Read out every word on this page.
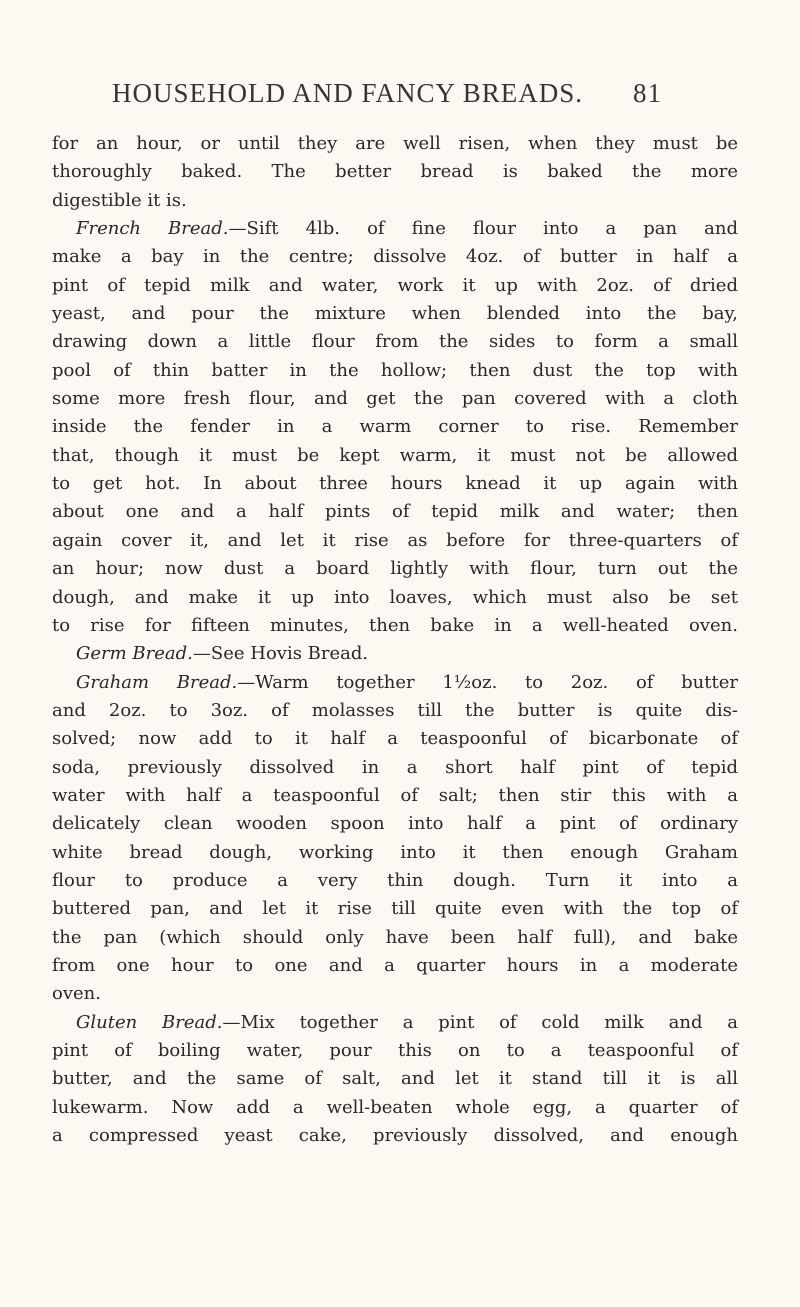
HOUSEHOLD AND FANCY BREADS. 81
for an hour, or until they are well risen, when they must be
thoroughly baked. The better bread is baked the more
digestible it is.
French Bread.—Sift 4lb. of fine flour into a pan and
make a bay in the centre; dissolve 4oz. of butter in half a
pint of tepid milk and water, work it up with 2oz. of dried
yeast, and pour the mixture when blended into the bay,
drawing down a little flour from the sides to form a small
pool of thin batter in the hollow; then dust the top with
some more fresh flour, and get the pan covered with a cloth
inside the fender in a warm corner to rise. Remember
that, though it must be kept warm, it must not be allowed
to get hot. In about three hours knead it up again with
about one and a half pints of tepid milk and water; then
again cover it, and let it rise as before for three-quarters of
an hour; now dust a board lightly with flour, turn out the
dough, and make it up into loaves, which must also be set
to rise for fifteen minutes, then bake in a well-heated oven.
Germ Bread.—See Hovis Bread.
Graham Bread.—Warm together 1½oz. to 2oz. of butter
and 2oz. to 3oz. of molasses till the butter is quite dis-
solved; now add to it half a teaspoonful of bicarbonate of
soda, previously dissolved in a short half pint of tepid
water with half a teaspoonful of salt; then stir this with a
delicately clean wooden spoon into half a pint of ordinary
white bread dough, working into it then enough Graham
flour to produce a very thin dough. Turn it into a
buttered pan, and let it rise till quite even with the top of
the pan (which should only have been half full), and bake
from one hour to one and a quarter hours in a moderate
oven.
Gluten Bread.—Mix together a pint of cold milk and a
pint of boiling water, pour this on to a teaspoonful of
butter, and the same of salt, and let it stand till it is all
lukewarm. Now add a well-beaten whole egg, a quarter of
a compressed yeast cake, previously dissolved, and enough
